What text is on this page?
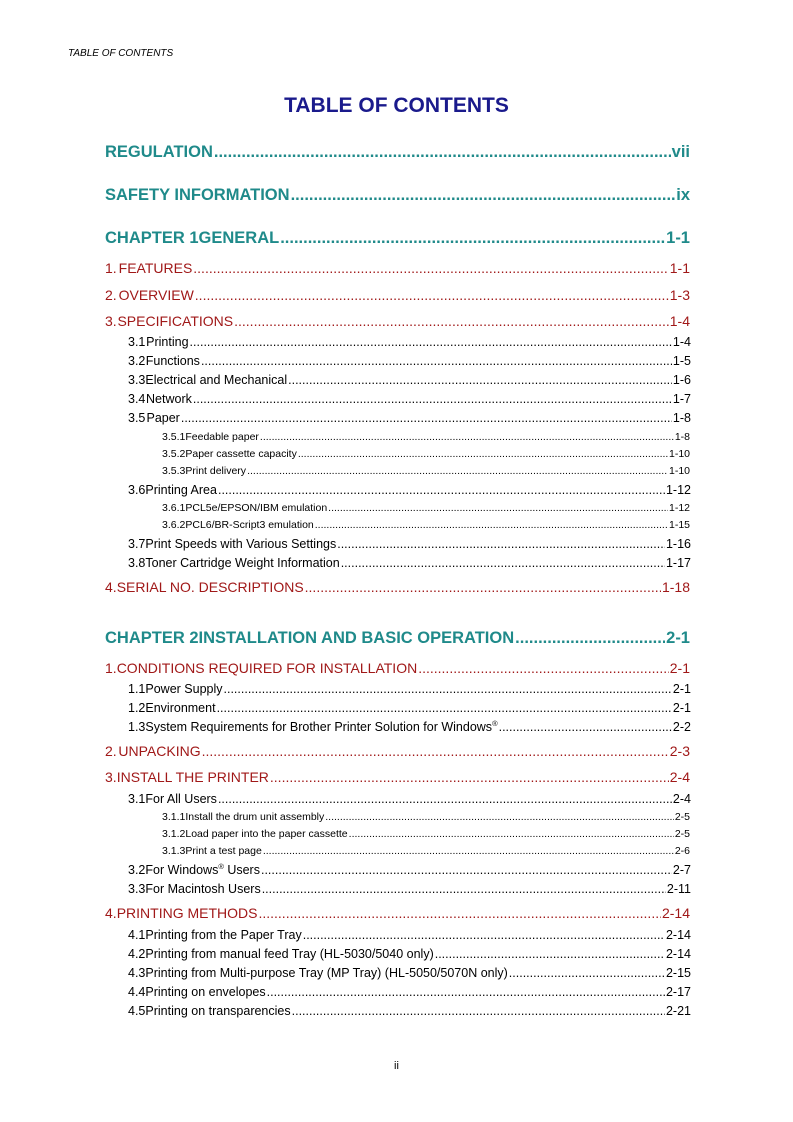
TABLE OF CONTENTS
TABLE OF CONTENTS
REGULATION .....	vii
SAFETY INFORMATION .....	ix
CHAPTER 1 GENERAL .....	1-1
1. FEATURES .....	1-1
2. OVERVIEW .....	1-3
3. SPECIFICATIONS .....	1-4
3.1 Printing .....	1-4
3.2 Functions .....	1-5
3.3 Electrical and Mechanical .....	1-6
3.4 Network .....	1-7
3.5 Paper .....	1-8
3.5.1 Feedable paper .....	1-8
3.5.2 Paper cassette capacity .....	1-10
3.5.3 Print delivery .....	1-10
3.6 Printing Area .....	1-12
3.6.1 PCL5e/EPSON/IBM emulation .....	1-12
3.6.2 PCL6/BR-Script3 emulation .....	1-15
3.7 Print Speeds with Various Settings .....	1-16
3.8 Toner Cartridge Weight Information .....	1-17
4. SERIAL NO. DESCRIPTIONS .....	1-18
CHAPTER 2 INSTALLATION AND BASIC OPERATION .....	2-1
1. CONDITIONS REQUIRED FOR INSTALLATION .....	2-1
1.1 Power Supply .....	2-1
1.2 Environment .....	2-1
1.3 System Requirements for Brother Printer Solution for Windows® .....	2-2
2. UNPACKING .....	2-3
3. INSTALL THE PRINTER .....	2-4
3.1 For All Users .....	2-4
3.1.1 Install the drum unit assembly .....	2-5
3.1.2 Load paper into the paper cassette .....	2-5
3.1.3 Print a test page .....	2-6
3.2 For Windows® Users .....	2-7
3.3 For Macintosh Users .....	2-11
4. PRINTING METHODS .....	2-14
4.1 Printing from the Paper Tray .....	2-14
4.2 Printing from manual feed Tray (HL-5030/5040 only) .....	2-14
4.3 Printing from Multi-purpose Tray (MP Tray) (HL-5050/5070N only) .....	2-15
4.4 Printing on envelopes .....	2-17
4.5 Printing on transparencies .....	2-21
ii
